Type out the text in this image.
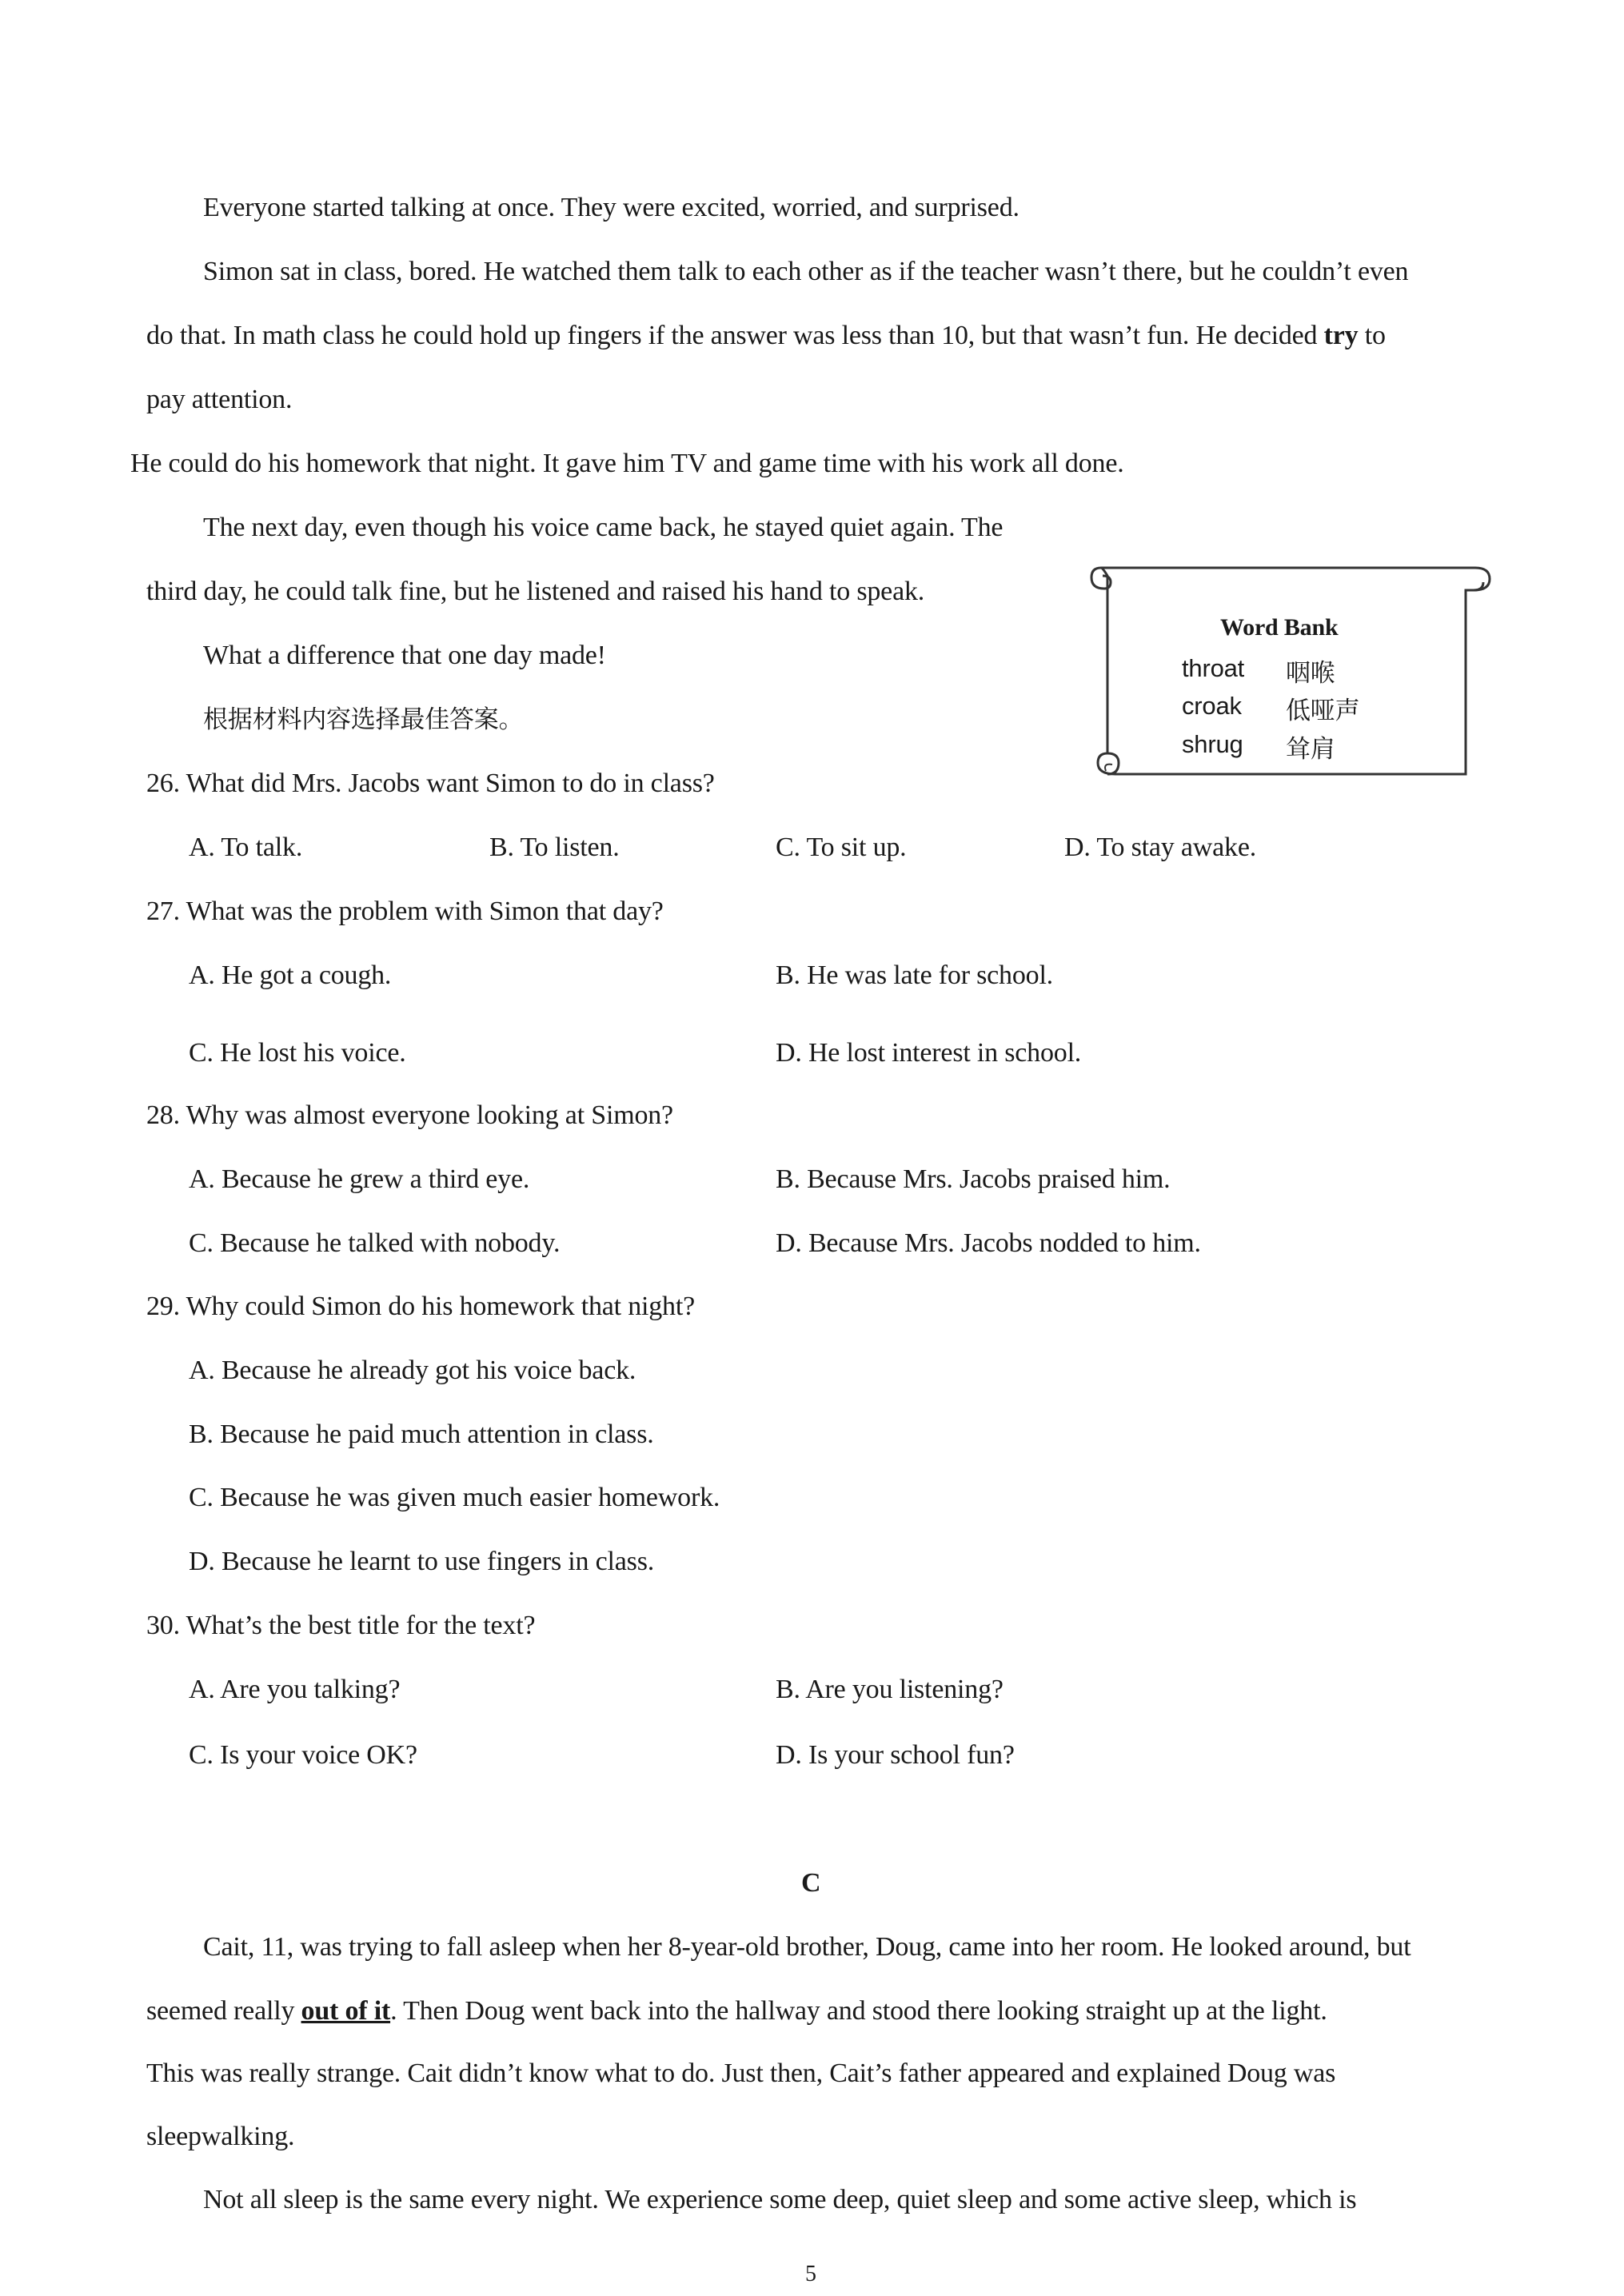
Everyone started talking at once. They were excited, worried, and surprised.
Simon sat in class, bored. He watched them talk to each other as if the teacher wasn’t there, but he couldn’t even
do that. In math class he could hold up fingers if the answer was less than 10, but that wasn’t fun. He decided try to
pay attention.
He could do his homework that night. It gave him TV and game time with his work all done.
The next day, even though his voice came back, he stayed quiet again. The
third day, he could talk fine, but he listened and raised his hand to speak.
What a difference that one day made!
根据材料内容选择最佳答案。
Word Bank
throat 咽喉
croak 低哑声
shrug 耸肩
26. What did Mrs. Jacobs want Simon to do in class?
A. To talk.	B. To listen.	C. To sit up.	D. To stay awake.
27. What was the problem with Simon that day?
A. He got a cough.	B. He was late for school.
C. He lost his voice.	D. He lost interest in school.
28. Why was almost everyone looking at Simon?
A. Because he grew a third eye.	B. Because Mrs. Jacobs praised him.
C. Because he talked with nobody.	D. Because Mrs. Jacobs nodded to him.
29. Why could Simon do his homework that night?
A. Because he already got his voice back.
B. Because he paid much attention in class.
C. Because he was given much easier homework.
D. Because he learnt to use fingers in class.
30. What’s the best title for the text?
A. Are you talking?	B. Are you listening?
C. Is your voice OK?	D. Is your school fun?
C
Cait, 11, was trying to fall asleep when her 8-year-old brother, Doug, came into her room. He looked around, but
seemed really out of it. Then Doug went back into the hallway and stood there looking straight up at the light.
This was really strange. Cait didn’t know what to do. Just then, Cait’s father appeared and explained Doug was
sleepwalking.
Not all sleep is the same every night. We experience some deep, quiet sleep and some active sleep, which is
5
